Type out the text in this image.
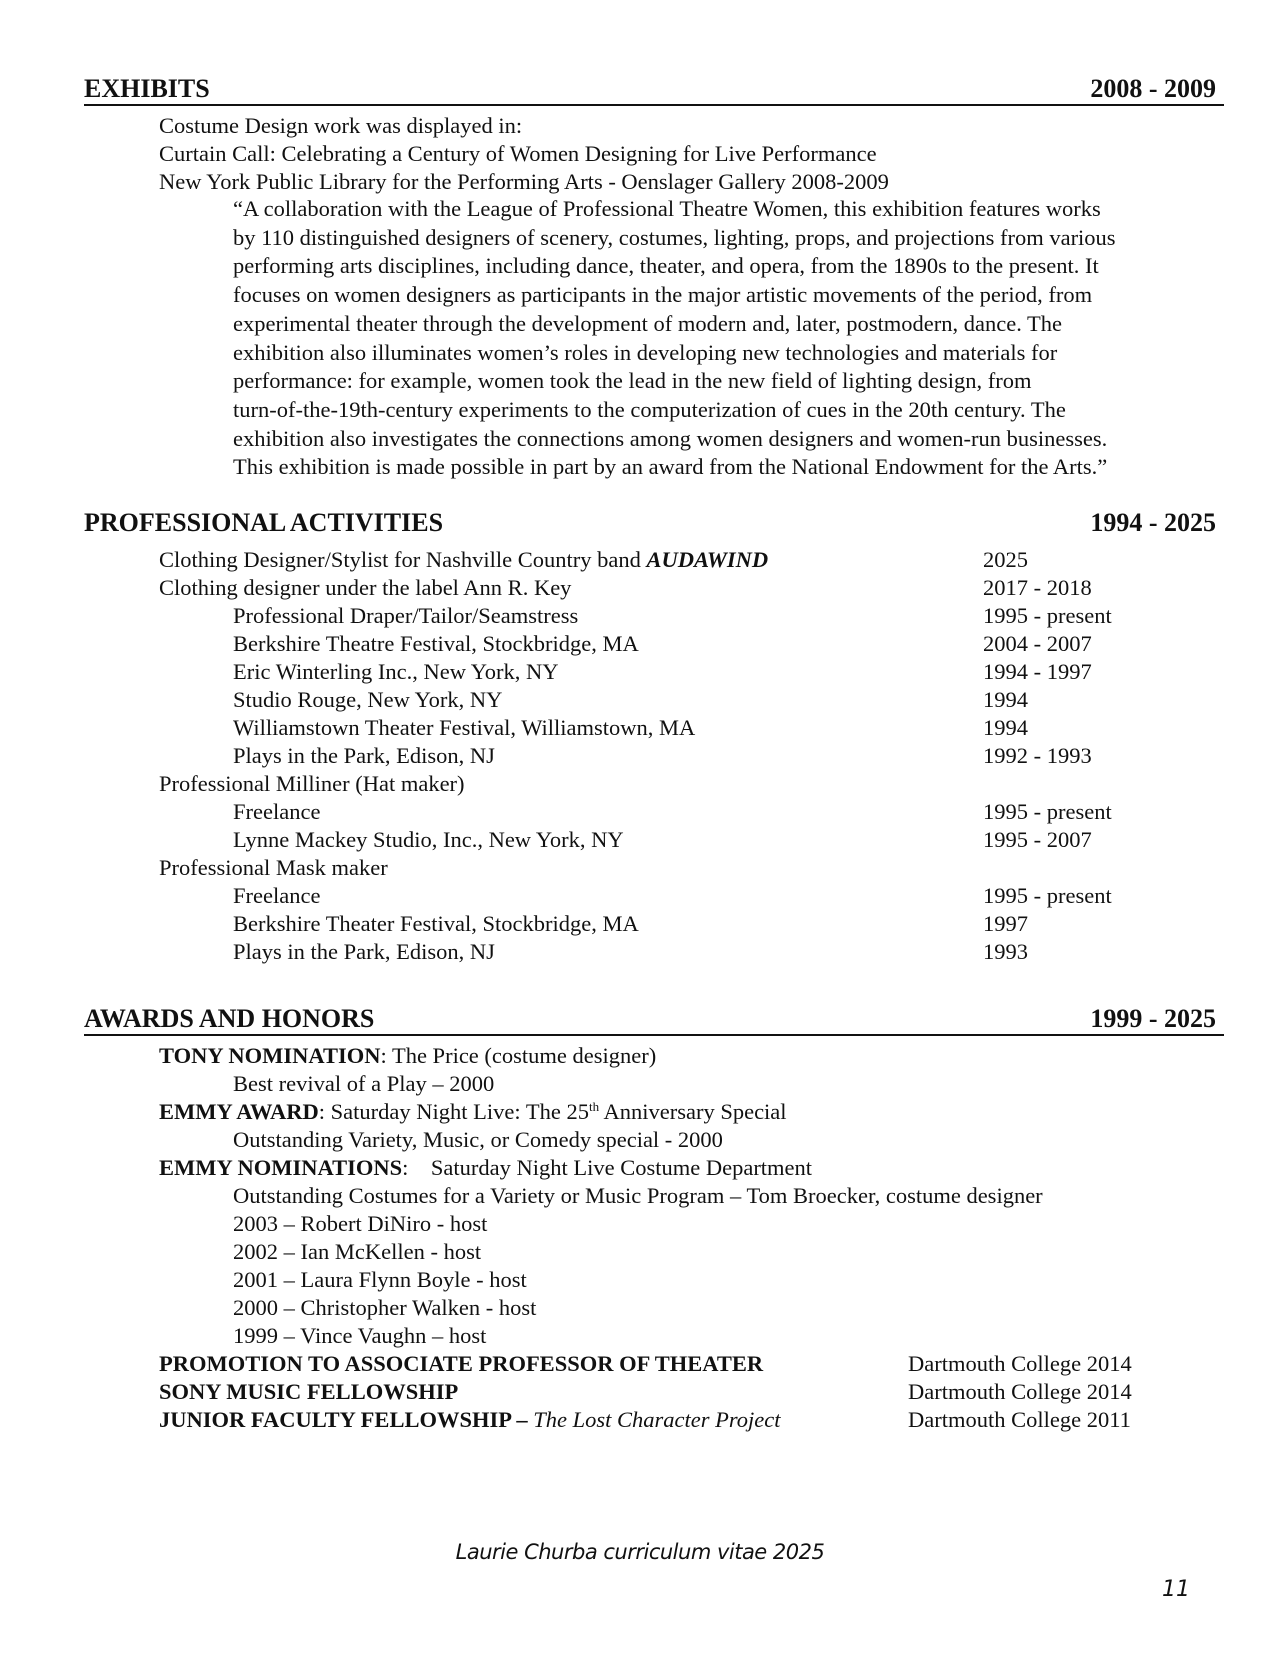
EXHIBITS	2008 - 2009
Costume Design work was displayed in:
Curtain Call: Celebrating a Century of Women Designing for Live Performance
New York Public Library for the Performing Arts - Oenslager Gallery 2008-2009
“A collaboration with the League of Professional Theatre Women, this exhibition features works
by 110 distinguished designers of scenery, costumes, lighting, props, and projections from various
performing arts disciplines, including dance, theater, and opera, from the 1890s to the present. It
focuses on women designers as participants in the major artistic movements of the period, from
experimental theater through the development of modern and, later, postmodern, dance. The
exhibition also illuminates women’s roles in developing new technologies and materials for
performance: for example, women took the lead in the new field of lighting design, from
turn-of-the-19th-century experiments to the computerization of cues in the 20th century. The
exhibition also investigates the connections among women designers and women-run businesses.
This exhibition is made possible in part by an award from the National Endowment for the Arts.”
PROFESSIONAL ACTIVITIES	1994 - 2025
Clothing Designer/Stylist for Nashville Country band AUDAWIND	2025
Clothing designer under the label Ann R. Key	2017 - 2018
Professional Draper/Tailor/Seamstress	1995 - present
Berkshire Theatre Festival, Stockbridge, MA	2004 - 2007
Eric Winterling Inc., New York, NY	1994 - 1997
Studio Rouge, New York, NY	1994
Williamstown Theater Festival, Williamstown, MA	1994
Plays in the Park, Edison, NJ	1992 - 1993
Professional Milliner (Hat maker)
Freelance	1995 - present
Lynne Mackey Studio, Inc., New York, NY	1995 - 2007
Professional Mask maker
Freelance	1995 - present
Berkshire Theater Festival, Stockbridge, MA	1997
Plays in the Park, Edison, NJ	1993
AWARDS AND HONORS	1999 - 2025
TONY NOMINATION: The Price (costume designer)
Best revival of a Play – 2000
EMMY AWARD: Saturday Night Live: The 25th Anniversary Special
Outstanding Variety, Music, or Comedy special - 2000
EMMY NOMINATIONS:    Saturday Night Live Costume Department
Outstanding Costumes for a Variety or Music Program – Tom Broecker, costume designer
2003 – Robert DiNiro - host
2002 – Ian McKellen - host
2001 – Laura Flynn Boyle - host
2000 – Christopher Walken - host
1999 – Vince Vaughn – host
PROMOTION TO ASSOCIATE PROFESSOR OF THEATER	Dartmouth College 2014
SONY MUSIC FELLOWSHIP	Dartmouth College 2014
JUNIOR FACULTY FELLOWSHIP – The Lost Character Project	Dartmouth College 2011
Laurie Churba curriculum vitae 2025
11
